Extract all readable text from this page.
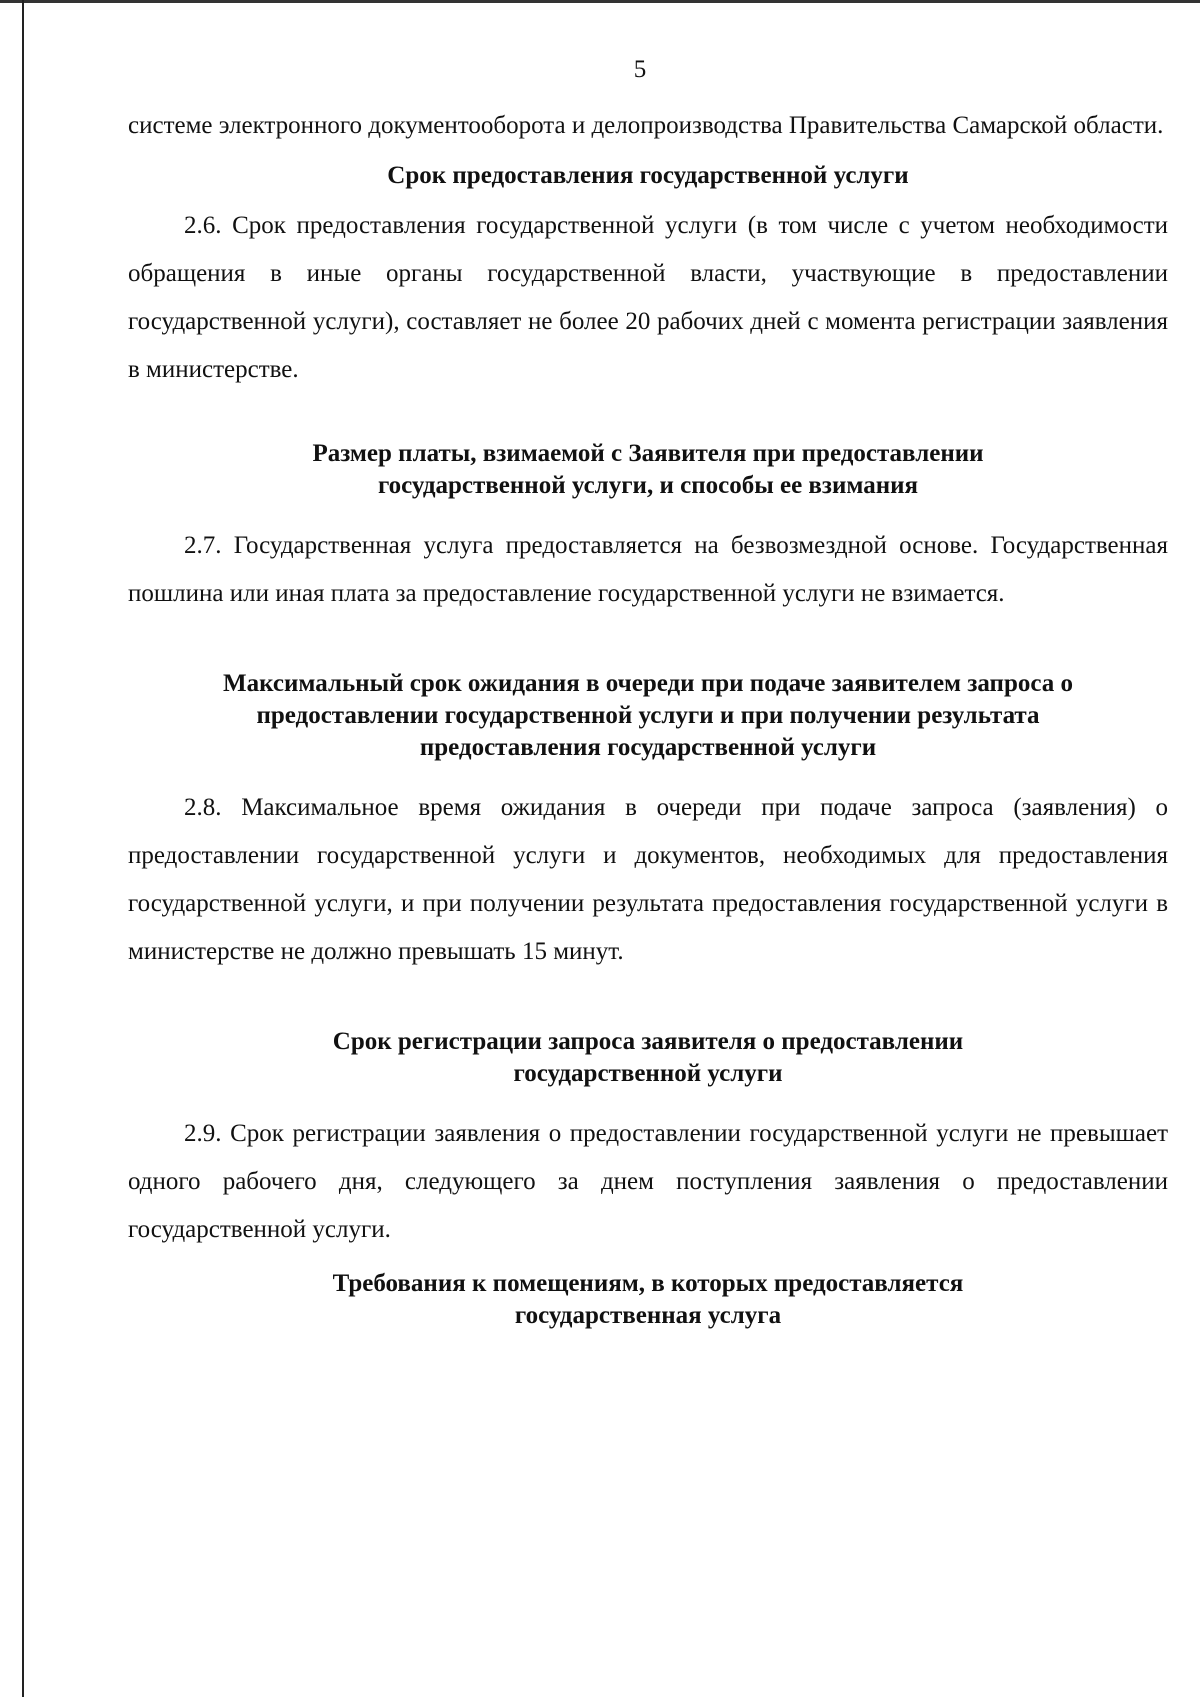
5

системе электронного документооборота и делопроизводства Правительства Самарской области.

Срок предоставления государственной услуги

2.6. Срок предоставления государственной услуги (в том числе с учетом необходимости обращения в иные органы государственной власти, участвующие в предоставлении государственной услуги), составляет не более 20 рабочих дней с момента регистрации заявления в министерстве.

Размер платы, взимаемой с Заявителя при предоставлении
государственной услуги, и способы ее взимания

2.7. Государственная услуга предоставляется на безвозмездной основе. Государственная пошлина или иная плата за предоставление государственной услуги не взимается.

Максимальный срок ожидания в очереди при подаче заявителем запроса о
предоставлении государственной услуги и при получении результата
предоставления государственной услуги

2.8. Максимальное время ожидания в очереди при подаче запроса (заявления) о предоставлении государственной услуги и документов, необходимых для предоставления государственной услуги, и при получении результата предоставления государственной услуги в министерстве не должно превышать 15 минут.

Срок регистрации запроса заявителя о предоставлении
государственной услуги

2.9. Срок регистрации заявления о предоставлении государственной услуги не превышает одного рабочего дня, следующего за днем поступления заявления о предоставлении государственной услуги.

Требования к помещениям, в которых предоставляется
государственная услуга
